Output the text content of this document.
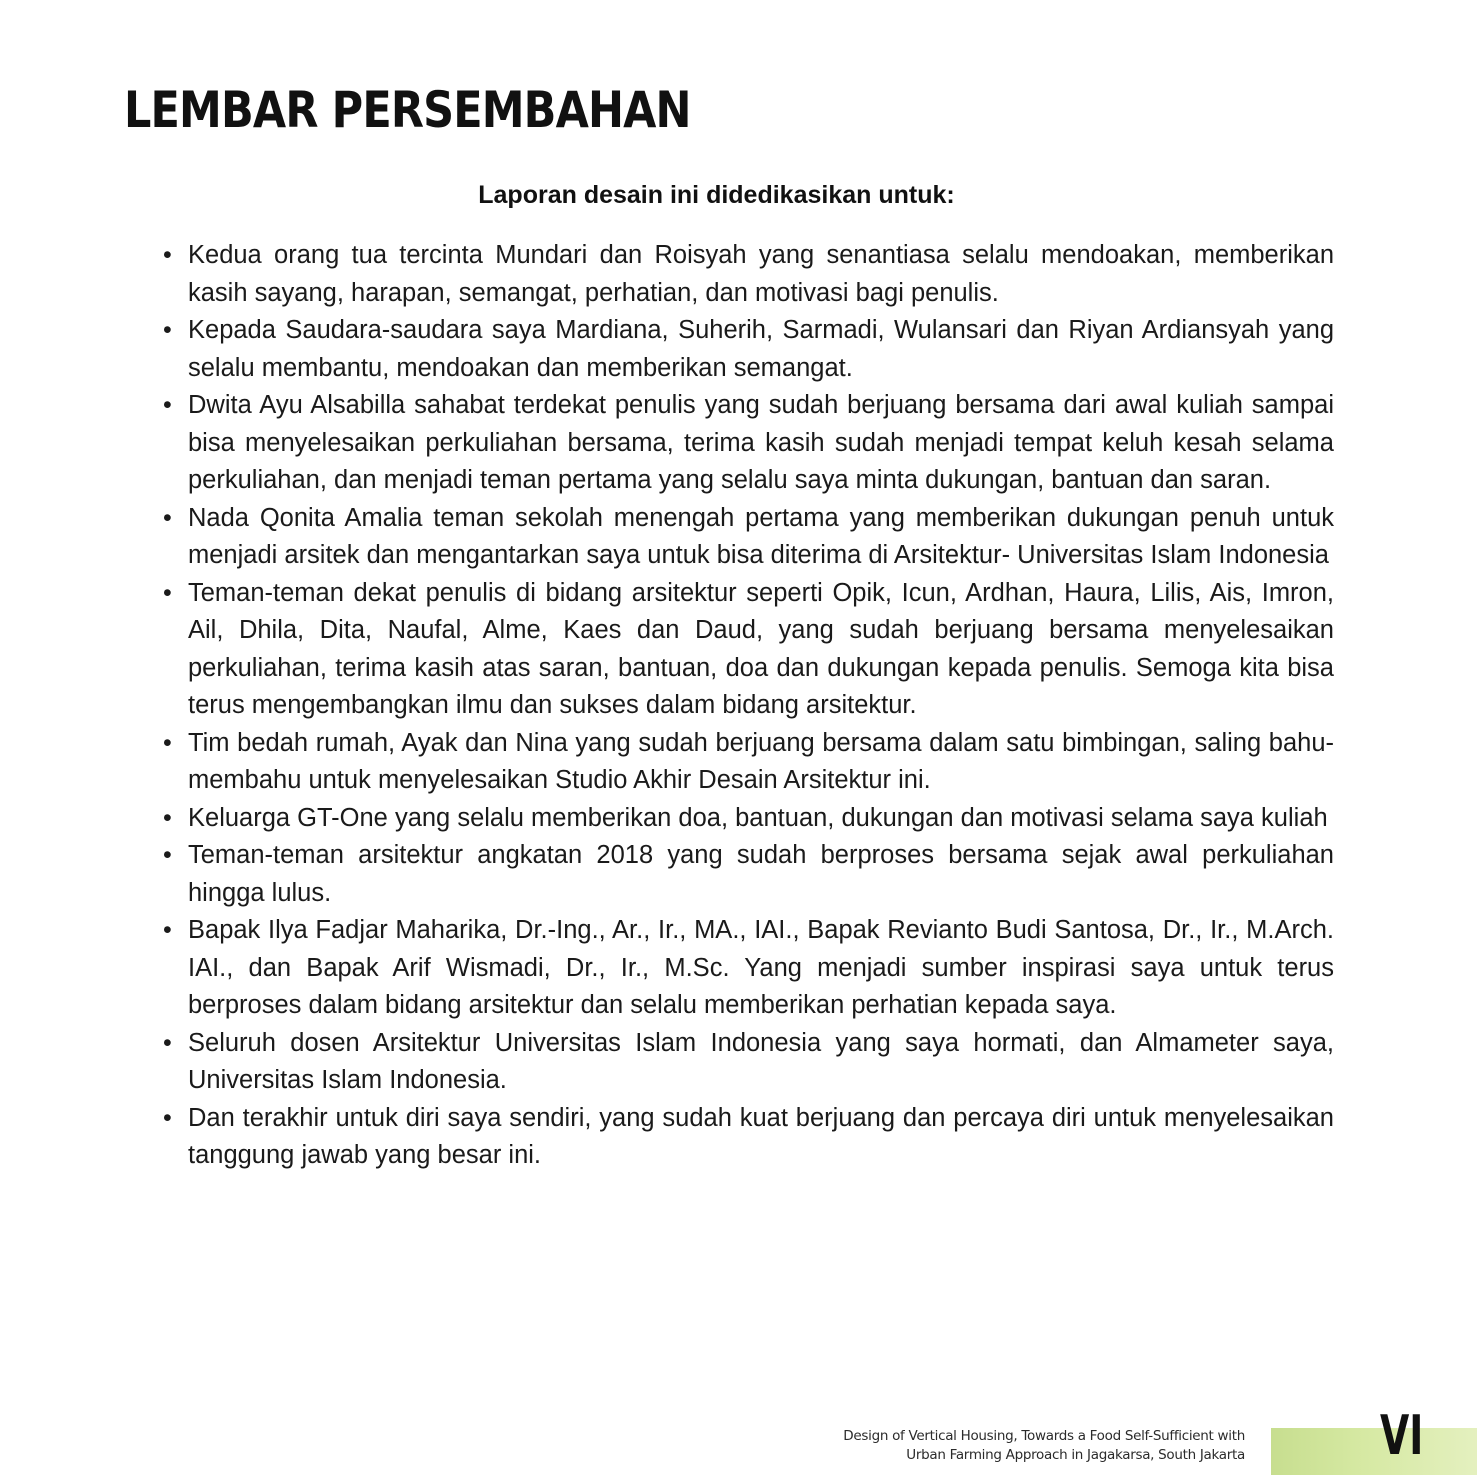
LEMBAR PERSEMBAHAN

Laporan desain ini didedikasikan untuk:

• Kedua orang tua tercinta Mundari dan Roisyah yang senantiasa selalu mendoakan, memberikan kasih sayang, harapan, semangat, perhatian, dan motivasi bagi penulis.
• Kepada Saudara-saudara saya Mardiana, Suherih, Sarmadi, Wulansari dan Riyan Ardiansyah yang selalu membantu, mendoakan dan memberikan semangat.
• Dwita Ayu Alsabilla sahabat terdekat penulis yang sudah berjuang bersama dari awal kuliah sampai bisa menyelesaikan perkuliahan bersama, terima kasih sudah menjadi tempat keluh kesah selama perkuliahan, dan menjadi teman pertama yang selalu saya minta dukungan, bantuan dan saran.
• Nada Qonita Amalia teman sekolah menengah pertama yang memberikan dukungan penuh untuk menjadi arsitek dan mengantarkan saya untuk bisa diterima di Arsitektur- Universitas Islam Indonesia
• Teman-teman dekat penulis di bidang arsitektur seperti Opik, Icun, Ardhan, Haura, Lilis, Ais, Imron, Ail, Dhila, Dita, Naufal, Alme, Kaes dan Daud, yang sudah berjuang bersama menyelesaikan perkuliahan, terima kasih atas saran, bantuan, doa dan dukungan kepada penulis. Semoga kita bisa terus mengembangkan ilmu dan sukses dalam bidang arsitektur.
• Tim bedah rumah, Ayak dan Nina yang sudah berjuang bersama dalam satu bimbingan, saling bahu-membahu untuk menyelesaikan Studio Akhir Desain Arsitektur ini.
• Keluarga GT-One yang selalu memberikan doa, bantuan, dukungan dan motivasi selama saya kuliah
• Teman-teman arsitektur angkatan 2018 yang sudah berproses bersama sejak awal perkuliahan hingga lulus.
• Bapak Ilya Fadjar Maharika, Dr.-Ing., Ar., Ir., MA., IAI., Bapak Revianto Budi Santosa, Dr., Ir., M.Arch. IAI., dan Bapak Arif Wismadi, Dr., Ir., M.Sc. Yang menjadi sumber inspirasi saya untuk terus berproses dalam bidang arsitektur dan selalu memberikan perhatian kepada saya.
• Seluruh dosen Arsitektur Universitas Islam Indonesia yang saya hormati, dan Almameter saya, Universitas Islam Indonesia.
• Dan terakhir untuk diri saya sendiri, yang sudah kuat berjuang dan percaya diri untuk menyelesaikan tanggung jawab yang besar ini.
Design of Vertical Housing, Towards a Food Self-Sufficient with
Urban Farming Approach in Jagakarsa, South Jakarta	VI
